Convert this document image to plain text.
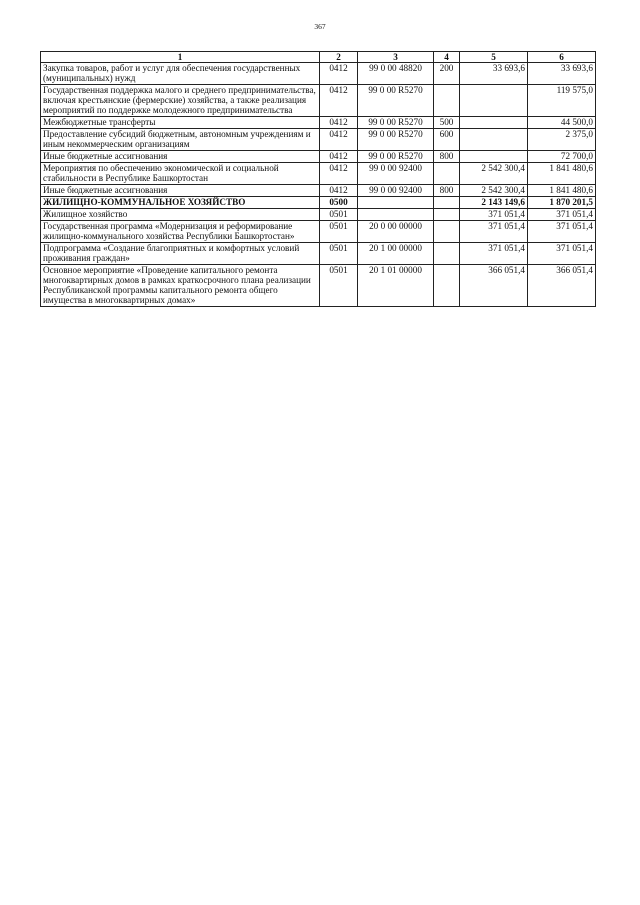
367
1	2	3	4	5	6
Закупка товаров, работ и услуг для обеспечения государственных (муниципальных) нужд	0412	99 0 00 48820	200	33 693,6	33 693,6
Государственная поддержка малого и среднего предпринимательства, включая крестьянские (фермерские) хозяйства, а также реализация мероприятий по поддержке молодежного предпринимательства	0412	99 0 00 R5270			119 575,0
Межбюджетные трансферты	0412	99 0 00 R5270	500		44 500,0
Предоставление субсидий бюджетным, автономным учреждениям и иным некоммерческим организациям	0412	99 0 00 R5270	600		2 375,0
Иные бюджетные ассигнования	0412	99 0 00 R5270	800		72 700,0
Мероприятия по обеспечению экономической и социальной стабильности в Республике Башкортостан	0412	99 0 00 92400		2 542 300,4	1 841 480,6
Иные бюджетные ассигнования	0412	99 0 00 92400	800	2 542 300,4	1 841 480,6
ЖИЛИЩНО-КОММУНАЛЬНОЕ ХОЗЯЙСТВО	0500			2 143 149,6	1 870 201,5
Жилищное хозяйство	0501			371 051,4	371 051,4
Государственная программа «Модернизация и реформирование жилищно-коммунального хозяйства Республики Башкортостан»	0501	20 0 00 00000		371 051,4	371 051,4
Подпрограмма «Создание благоприятных и комфортных условий проживания граждан»	0501	20 1 00 00000		371 051,4	371 051,4
Основное мероприятие «Проведение капитального ремонта многоквартирных домов в рамках краткосрочного плана реализации Республиканской программы капитального ремонта общего имущества в многоквартирных домах»	0501	20 1 01 00000		366 051,4	366 051,4
